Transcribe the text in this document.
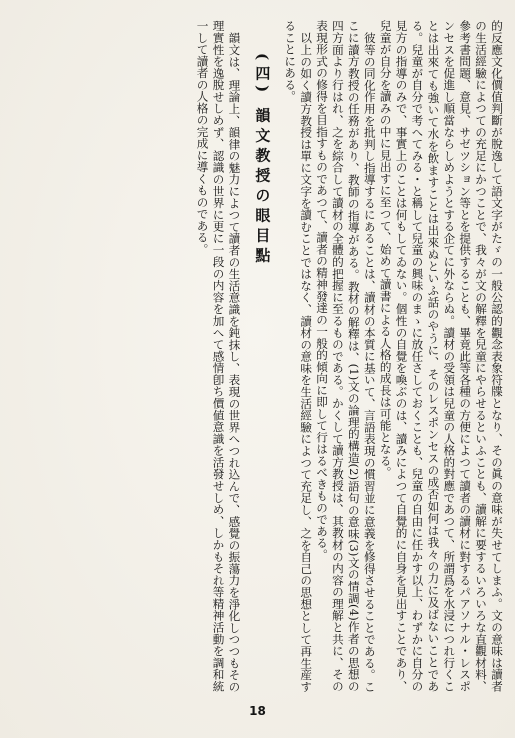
的反應文化價值判斷が脫逸して語文字がたゞの一般公認的觀念表象符牒となり、その眞の意味が失せてしまふ。文の意味は讀者の生活經驗によつての充足にかつことで、我々が文の解釋を兒童にやらせるといふことも、讀解に要するいろいろな直觀材料、參考書問題、意見、サゼツション等とを提供することも、畢竟此等各種の方便によつて讀者の讀材に對するパアソナル・レスポンセスを促進し順當ならしめようとする企てに外ならぬ。讀材の受領は兒童の人格的對應であつて、所謂爲を水浸につれ行くことは出來ても強いて水を飲ますことは出來ぬといふ話のやうに、そのレスポンセスの成否如何は我々の力に及ばないことである。兒童が自分で考へてみる・と稱して兒童の興味のまゝに放任さしておくことも、兒童の自由に任かす以上、わずかに自分の見方の指導のみで、事實上のことは何もしてゐない。個性の自覺を喚ぶのは、讀みによつて自覺的に自身を見出すことであり、兒童が自分を讀みの中に見出すに至つて、始めて讀書による人格的成長は可能となる。

彼等の同化作用を批判し指導するにあることは、讀材の本質に基いて、言語表現の慣習並に意義を修得させることである。ここに讀方教授の任務があり、教師の指導がある。教材の解釋は、(1)文の論理的構造(2)語句の意味(3)文の情調(4)作者の思想の四方面より行はれ、之を綜合して讀材の全體的把握に至るものである。かくして讀方教授は、其教材の内容の理解と共に、その表現形式の修得を目指すものであつて、讀者の精神發達の一般的傾向に即して行はるべきものである。

以上の如く讀方教授は單に文字を讀むことではなく、讀材の意味を生活經驗によつて充足し、之を自己の思想として再生産することにある。

(四) 韻文教授の眼目點

韻文は、理論上、韻律の魅力によつて讀者の生活意識を鈍抹し、表現の世界へつれ込んで、感覺の振蕩力を淨化しつつもその理實性を逸脫せしめず、認識の世界に更に一段の内容を加へて感情卽ち價値意識を活發せしめ、しかもそれ等精神活動を調和統一して讀者の人格の完成に導くものである。

18
